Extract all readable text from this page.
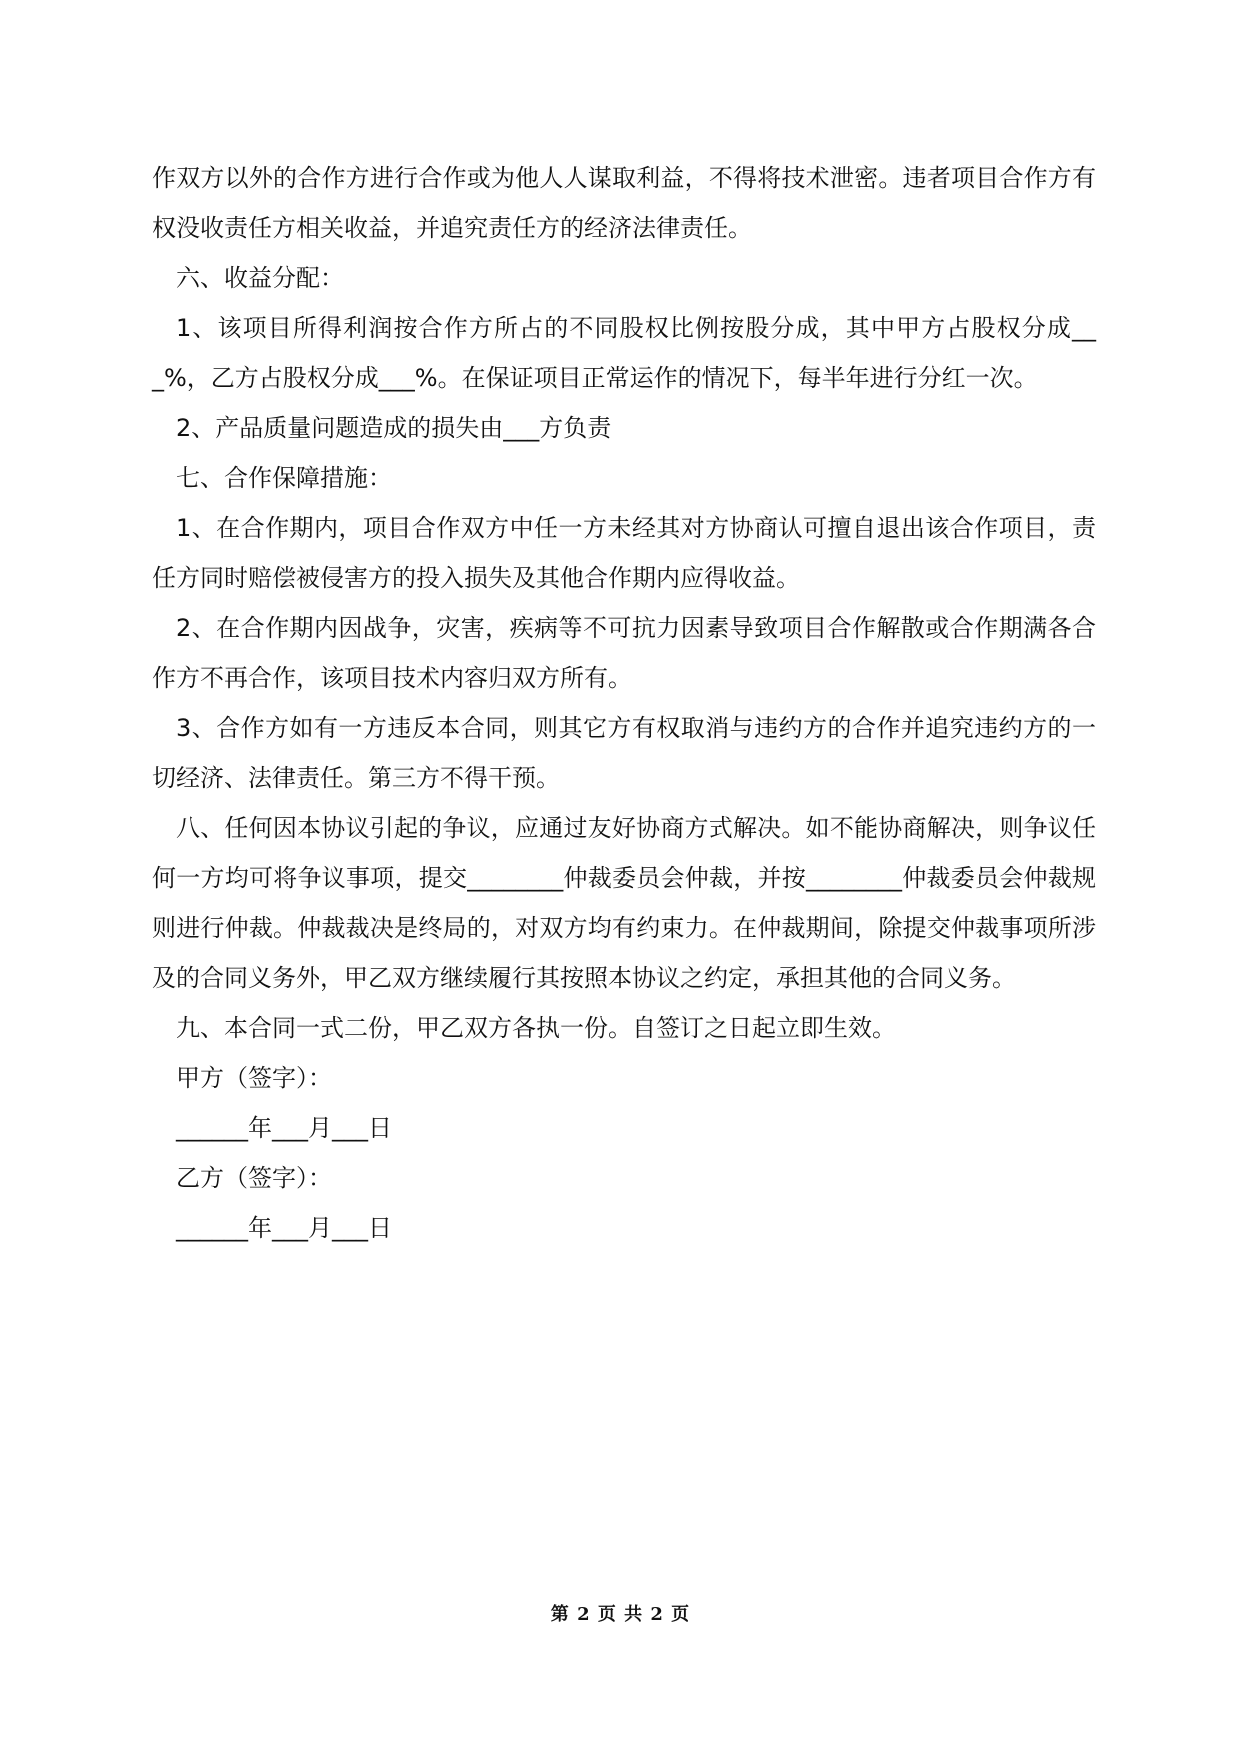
作双方以外的合作方进行合作或为他人人谋取利益，不得将技术泄密。违者项目合作方有权没收责任方相关收益，并追究责任方的经济法律责任。

六、收益分配：

1、该项目所得利润按合作方所占的不同股权比例按股分成，其中甲方占股权分成___%，乙方占股权分成___%。在保证项目正常运作的情况下，每半年进行分红一次。

2、产品质量问题造成的损失由___方负责

七、合作保障措施：

1、在合作期内，项目合作双方中任一方未经其对方协商认可擅自退出该合作项目，责任方同时赔偿被侵害方的投入损失及其他合作期内应得收益。

2、在合作期内因战争，灾害，疾病等不可抗力因素导致项目合作解散或合作期满各合作方不再合作，该项目技术内容归双方所有。

3、合作方如有一方违反本合同，则其它方有权取消与违约方的合作并追究违约方的一切经济、法律责任。第三方不得干预。

八、任何因本协议引起的争议，应通过友好协商方式解决。如不能协商解决，则争议任何一方均可将争议事项，提交________仲裁委员会仲裁，并按________仲裁委员会仲裁规则进行仲裁。仲裁裁决是终局的，对双方均有约束力。在仲裁期间，除提交仲裁事项所涉及的合同义务外，甲乙双方继续履行其按照本协议之约定，承担其他的合同义务。

九、本合同一式二份，甲乙双方各执一份。自签订之日起立即生效。

甲方（签字）：

______年___月___日

乙方（签字）：

______年___月___日

第 2 页 共 2 页
